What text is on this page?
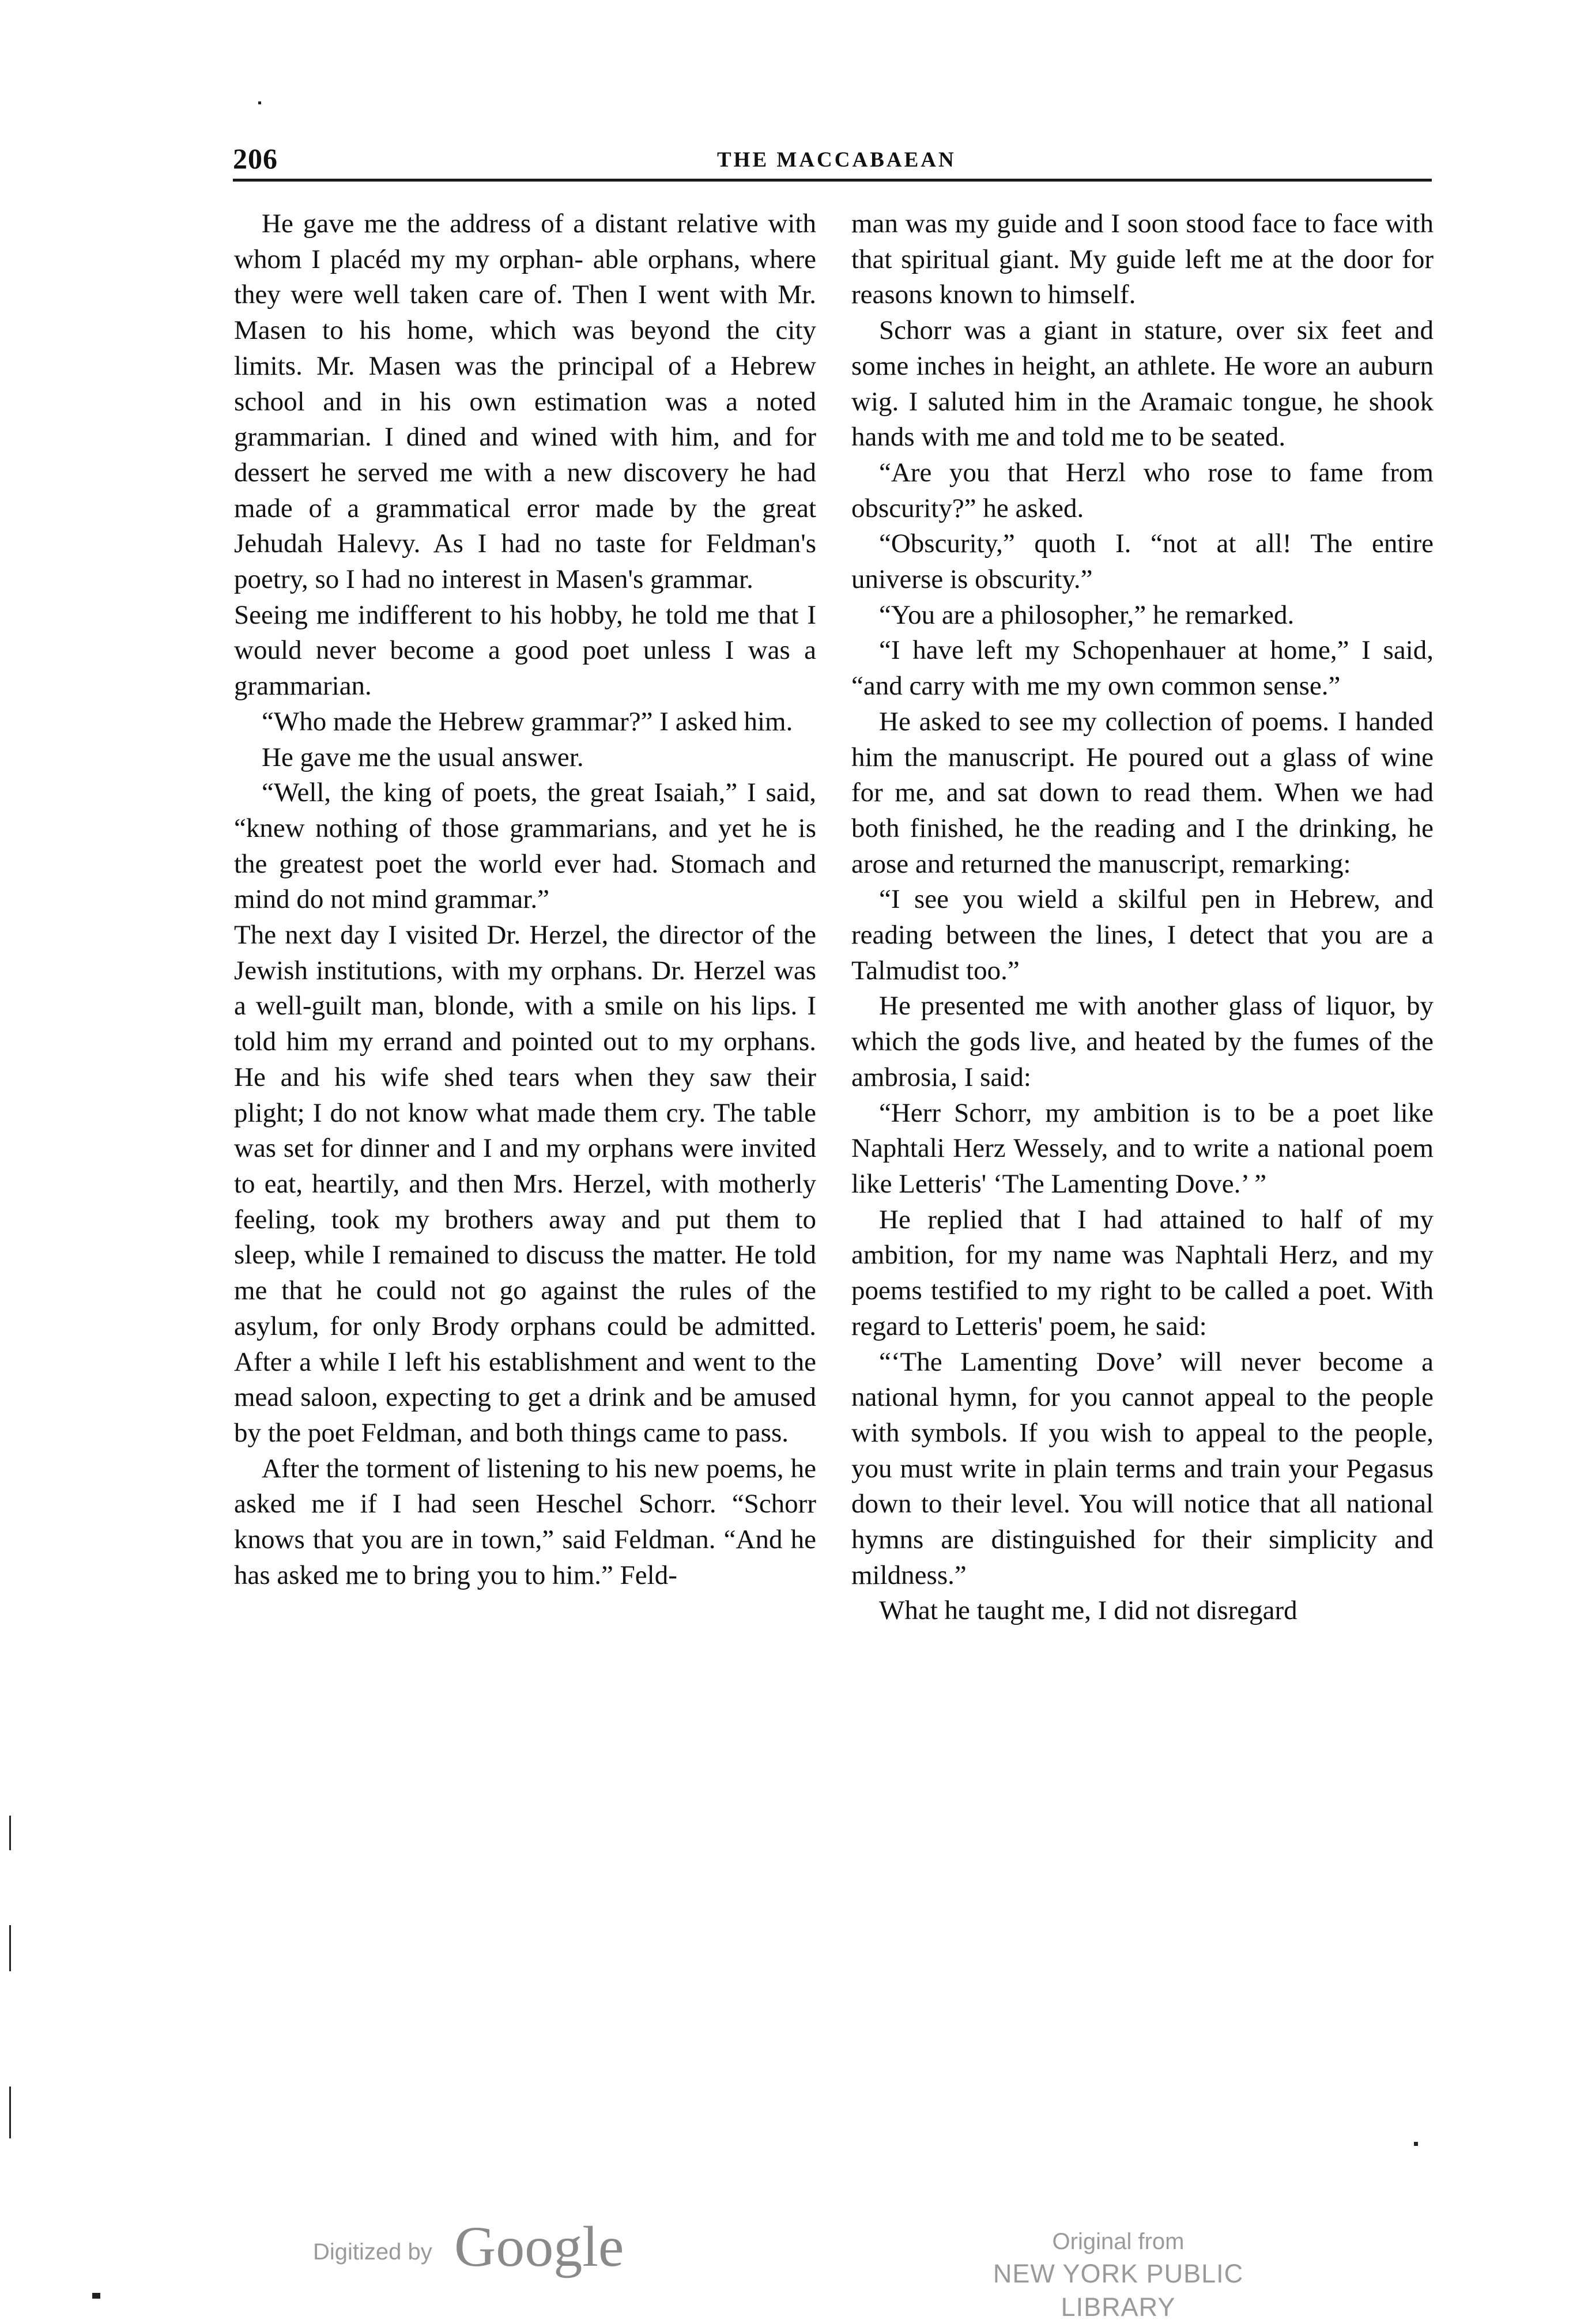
206	THE MACCABAEAN

He gave me the address of a distant relative with whom I placéd my my orphan- able orphans, where they were well taken care of. Then I went with Mr. Masen to his home, which was beyond the city limits. Mr. Masen was the principal of a Hebrew school and in his own estimation was a noted grammarian. I dined and wined with him, and for dessert he served me with a new discovery he had made of a grammatical error made by the great Jehudah Halevy. As I had no taste for Feldman's poetry, so I had no interest in Masen's grammar.

Seeing me indifferent to his hobby, he told me that I would never become a good poet unless I was a grammarian.

“Who made the Hebrew grammar?” I asked him.

He gave me the usual answer.

“Well, the king of poets, the great Isaiah,” I said, “knew nothing of those grammarians, and yet he is the greatest poet the world ever had. Stomach and mind do not mind grammar.”

The next day I visited Dr. Herzel, the director of the Jewish institutions, with my orphans. Dr. Herzel was a well-guilt man, blonde, with a smile on his lips. I told him my errand and pointed out to my orphans. He and his wife shed tears when they saw their plight; I do not know what made them cry. The table was set for dinner and I and my orphans were invited to eat, heartily, and then Mrs. Herzel, with motherly feeling, took my brothers away and put them to sleep, while I remained to discuss the matter. He told me that he could not go against the rules of the asylum, for only Brody orphans could be admitted. After a while I left his establishment and went to the mead saloon, expecting to get a drink and be amused by the poet Feldman, and both things came to pass.

After the torment of listening to his new poems, he asked me if I had seen Heschel Schorr. “Schorr knows that you are in town,” said Feldman. “And he has asked me to bring you to him.” Feld-

man was my guide and I soon stood face to face with that spiritual giant. My guide left me at the door for reasons known to himself.

Schorr was a giant in stature, over six feet and some inches in height, an athlete. He wore an auburn wig. I saluted him in the Aramaic tongue, he shook hands with me and told me to be seated.

“Are you that Herzl who rose to fame from obscurity?” he asked.

“Obscurity,” quoth I. “not at all! The entire universe is obscurity.”

“You are a philosopher,” he remarked.

“I have left my Schopenhauer at home,” I said, “and carry with me my own common sense.”

He asked to see my collection of poems. I handed him the manuscript. He poured out a glass of wine for me, and sat down to read them. When we had both finished, he the reading and I the drinking, he arose and returned the manuscript, remarking:

“I see you wield a skilful pen in Hebrew, and reading between the lines, I detect that you are a Talmudist too.”

He presented me with another glass of liquor, by which the gods live, and heated by the fumes of the ambrosia, I said:

“Herr Schorr, my ambition is to be a poet like Naphtali Herz Wessely, and to write a national poem like Letteris' ‘The Lamenting Dove.’ ”

He replied that I had attained to half of my ambition, for my name was Naphtali Herz, and my poems testified to my right to be called a poet. With regard to Letteris' poem, he said:

“‘The Lamenting Dove’ will never become a national hymn, for you cannot appeal to the people with symbols. If you wish to appeal to the people, you must write in plain terms and train your Pegasus down to their level. You will notice that all national hymns are distinguished for their simplicity and mildness.”

What he taught me, I did not disregard

Digitized by Google	Original from
NEW YORK PUBLIC LIBRARY
